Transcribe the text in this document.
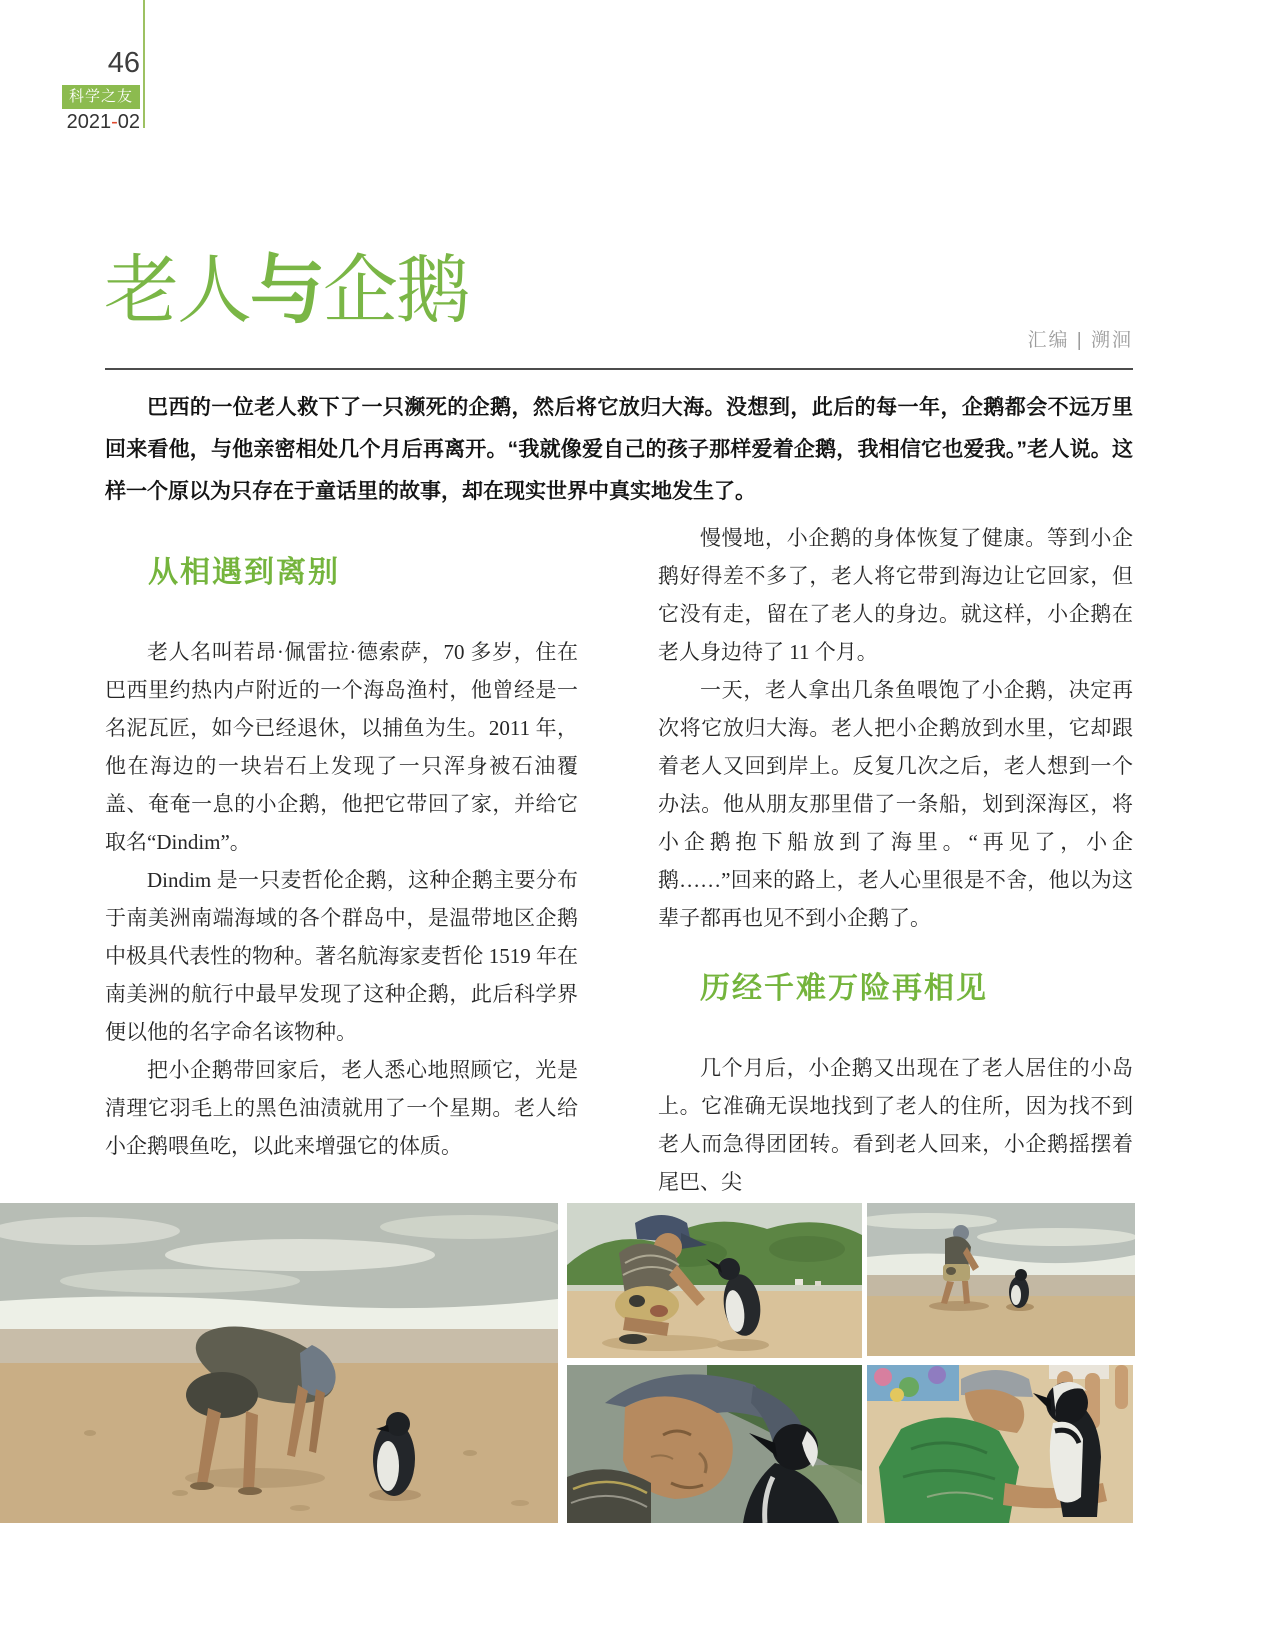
46
科学之友
2021-02
老人与企鹅
汇编 | 溯洄

巴西的一位老人救下了一只濒死的企鹅，然后将它放归大海。没想到，此后的每一年，企鹅都会不远万里回来看他，与他亲密相处几个月后再离开。“我就像爱自己的孩子那样爱着企鹅，我相信它也爱我。”老人说。这样一个原以为只存在于童话里的故事，却在现实世界中真实地发生了。

从相遇到离别

老人名叫若昂·佩雷拉·德索萨，70 多岁，住在巴西里约热内卢附近的一个海岛渔村，他曾经是一名泥瓦匠，如今已经退休，以捕鱼为生。2011 年，他在海边的一块岩石上发现了一只浑身被石油覆盖、奄奄一息的小企鹅，他把它带回了家，并给它取名“Dindim”。

Dindim 是一只麦哲伦企鹅，这种企鹅主要分布于南美洲南端海域的各个群岛中，是温带地区企鹅中极具代表性的物种。著名航海家麦哲伦 1519 年在南美洲的航行中最早发现了这种企鹅，此后科学界便以他的名字命名该物种。

把小企鹅带回家后，老人悉心地照顾它，光是清理它羽毛上的黑色油渍就用了一个星期。老人给小企鹅喂鱼吃，以此来增强它的体质。

慢慢地，小企鹅的身体恢复了健康。等到小企鹅好得差不多了，老人将它带到海边让它回家，但它没有走，留在了老人的身边。就这样，小企鹅在老人身边待了 11 个月。

一天，老人拿出几条鱼喂饱了小企鹅，决定再次将它放归大海。老人把小企鹅放到水里，它却跟着老人又回到岸上。反复几次之后，老人想到一个办法。他从朋友那里借了一条船，划到深海区，将小企鹅抱下船放到了海里。“再见了，小企鹅……”回来的路上，老人心里很是不舍，他以为这辈子都再也见不到小企鹅了。

历经千难万险再相见

几个月后，小企鹅又出现在了老人居住的小岛上。它准确无误地找到了老人的住所，因为找不到老人而急得团团转。看到老人回来，小企鹅摇摆着尾巴、尖
